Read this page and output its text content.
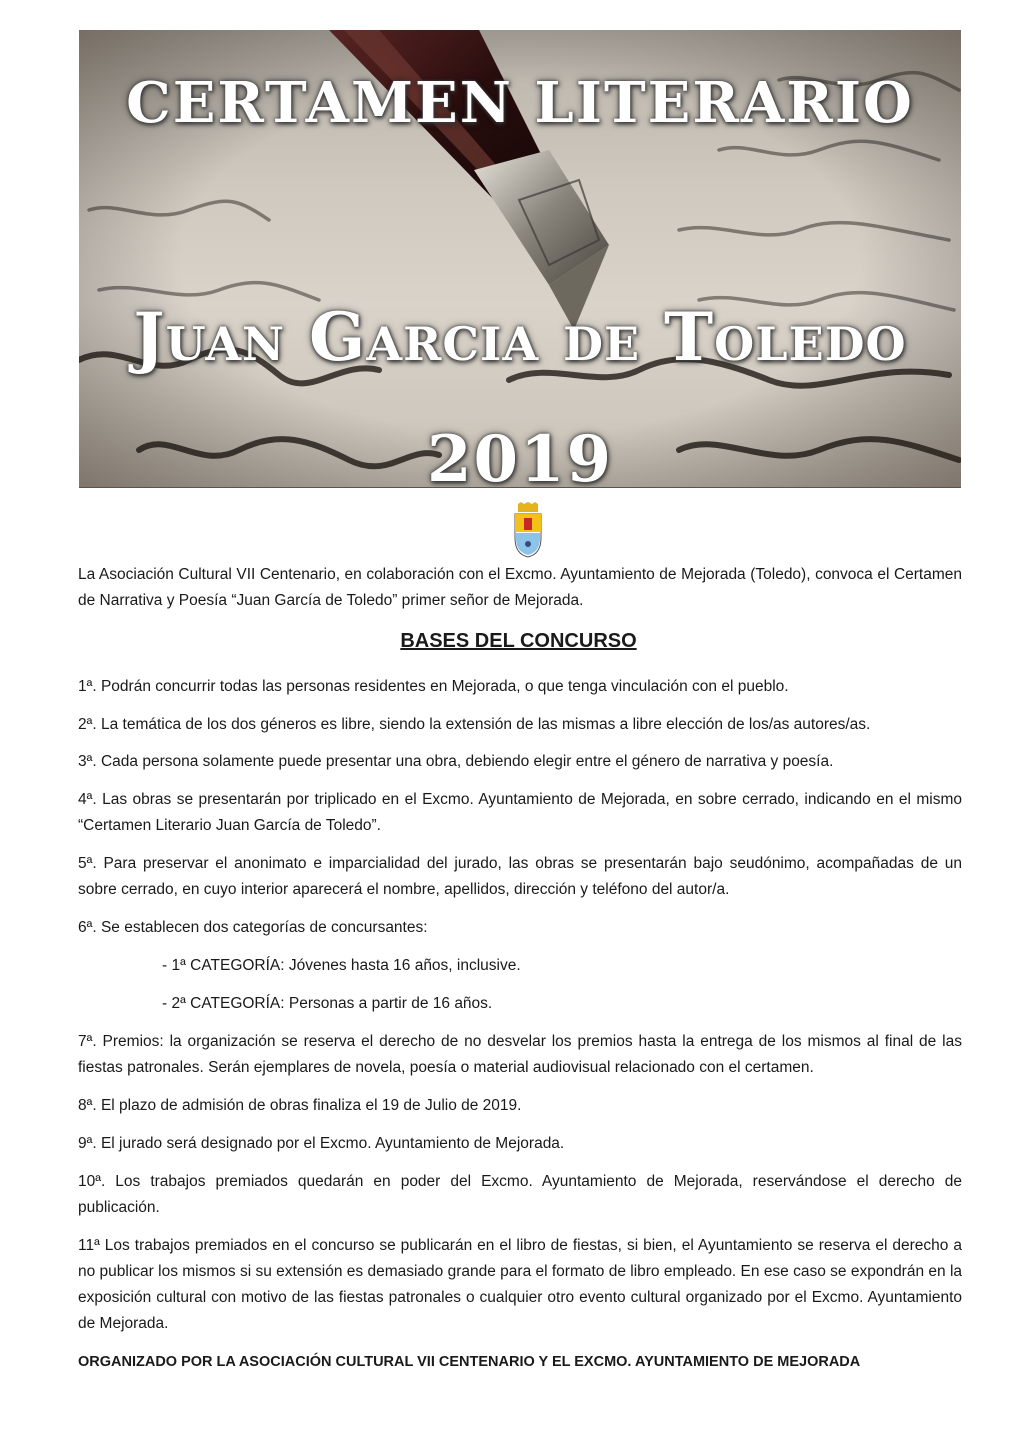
CERTAMEN LITERARIO
Juan Garcia de Toledo
2019

La Asociación Cultural VII Centenario, en colaboración con el Excmo. Ayuntamiento de Mejorada (Toledo), convoca el Certamen de Narrativa y Poesía “Juan García de Toledo” primer señor de Mejorada.

BASES DEL CONCURSO

1ª. Podrán concurrir todas las personas residentes en Mejorada, o que tenga vinculación con el pueblo.

2ª. La temática de los dos géneros es libre, siendo la extensión de las mismas a libre elección de los/as autores/as.

3ª. Cada persona solamente puede presentar una obra, debiendo elegir entre el género de narrativa y poesía.

4ª. Las obras se presentarán por triplicado en el Excmo. Ayuntamiento de Mejorada, en sobre cerrado, indicando en el mismo “Certamen Literario Juan García de Toledo”.

5ª. Para preservar el anonimato e imparcialidad del jurado, las obras se presentarán bajo seudónimo, acompañadas de un sobre cerrado, en cuyo interior aparecerá el nombre, apellidos, dirección y teléfono del autor/a.

6ª. Se establecen dos categorías de concursantes:

- 1ª CATEGORÍA: Jóvenes hasta 16 años, inclusive.

- 2ª CATEGORÍA: Personas a partir de 16 años.

7ª. Premios: la organización se reserva el derecho de no desvelar los premios hasta la entrega de los mismos al final de las fiestas patronales. Serán ejemplares de novela, poesía o material audiovisual relacionado con el certamen.

8ª. El plazo de admisión de obras finaliza el 19 de Julio de 2019.

9ª. El jurado será designado por el Excmo. Ayuntamiento de Mejorada.

10ª. Los trabajos premiados quedarán en poder del Excmo. Ayuntamiento de Mejorada, reservándose el derecho de publicación.

11ª Los trabajos premiados en el concurso se publicarán en el libro de fiestas, si bien, el Ayuntamiento se reserva el derecho a no publicar los mismos si su extensión es demasiado grande para el formato de libro empleado. En ese caso se expondrán en la exposición cultural con motivo de las fiestas patronales o cualquier otro evento cultural organizado por el Excmo. Ayuntamiento de Mejorada.

ORGANIZADO POR LA ASOCIACIÓN CULTURAL VII CENTENARIO Y EL EXCMO. AYUNTAMIENTO DE MEJORADA
